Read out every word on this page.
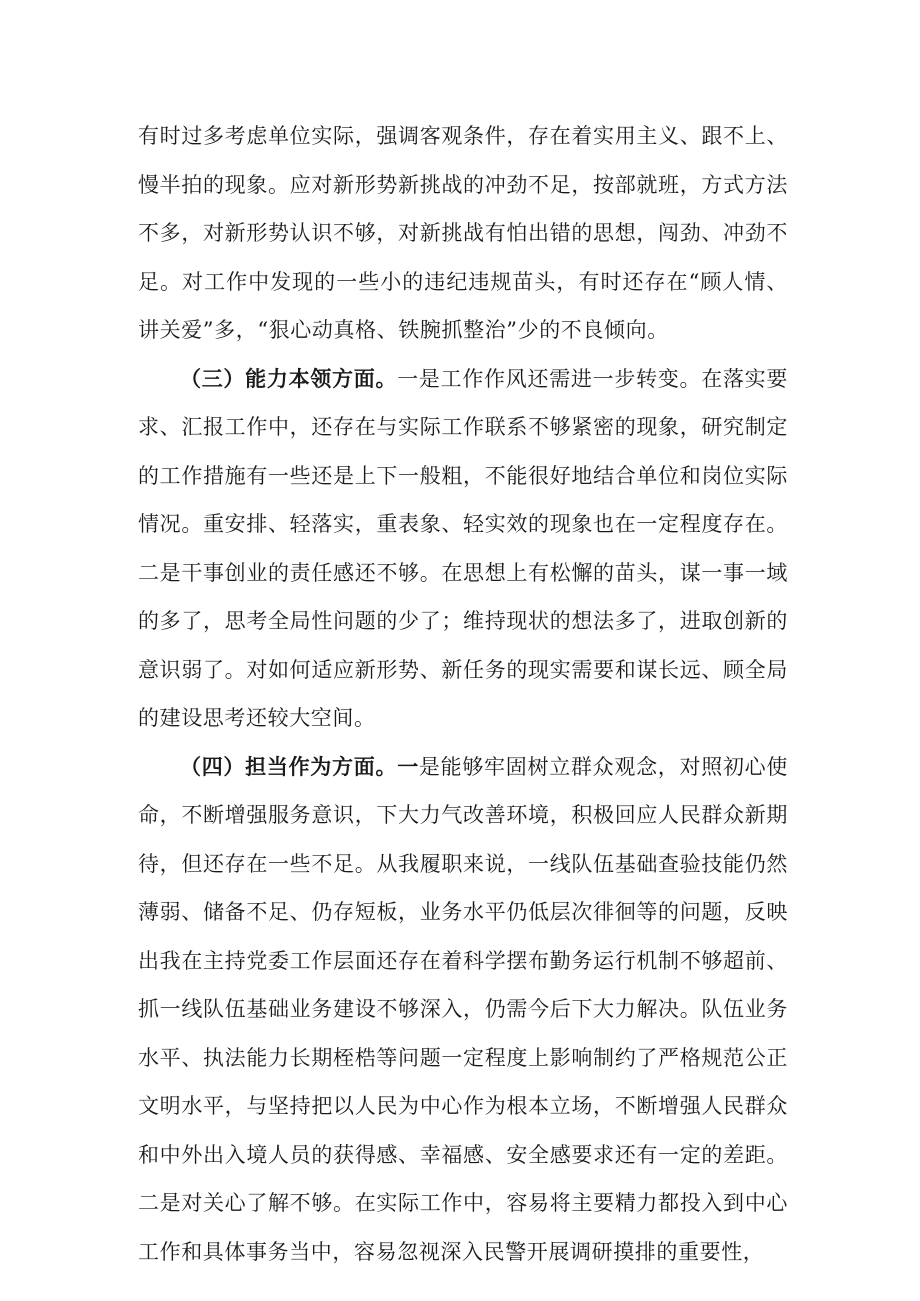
有时过多考虑单位实际，强调客观条件，存在着实用主义、跟不上、慢半拍的现象。应对新形势新挑战的冲劲不足，按部就班，方式方法不多，对新形势认识不够，对新挑战有怕出错的思想，闯劲、冲劲不足。对工作中发现的一些小的违纪违规苗头，有时还存在“顾人情、讲关爱”多，“狠心动真格、铁腕抓整治”少的不良倾向。

（三）能力本领方面。一是工作作风还需进一步转变。在落实要求、汇报工作中，还存在与实际工作联系不够紧密的现象，研究制定的工作措施有一些还是上下一般粗，不能很好地结合单位和岗位实际情况。重安排、轻落实，重表象、轻实效的现象也在一定程度存在。二是干事创业的责任感还不够。在思想上有松懈的苗头，谋一事一域的多了，思考全局性问题的少了；维持现状的想法多了，进取创新的意识弱了。对如何适应新形势、新任务的现实需要和谋长远、顾全局的建设思考还较大空间。

（四）担当作为方面。一是能够牢固树立群众观念，对照初心使命，不断增强服务意识，下大力气改善环境，积极回应人民群众新期待，但还存在一些不足。从我履职来说，一线队伍基础查验技能仍然薄弱、储备不足、仍存短板，业务水平仍低层次徘徊等的问题，反映出我在主持党委工作层面还存在着科学摆布勤务运行机制不够超前、抓一线队伍基础业务建设不够深入，仍需今后下大力解决。队伍业务水平、执法能力长期桎梏等问题一定程度上影响制约了严格规范公正文明水平，与坚持把以人民为中心作为根本立场，不断增强人民群众和中外出入境人员的获得感、幸福感、安全感要求还有一定的差距。二是对关心了解不够。在实际工作中，容易将主要精力都投入到中心工作和具体事务当中，容易忽视深入民警开展调研摸排的重要性，
